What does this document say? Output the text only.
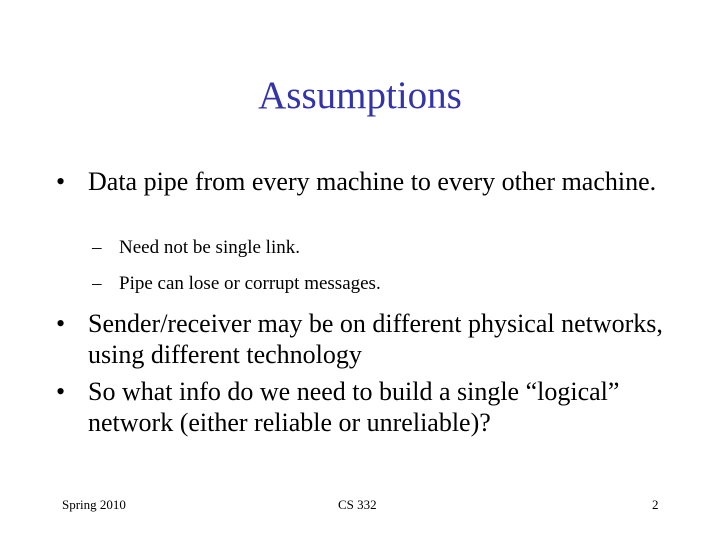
Assumptions
• Data pipe from every machine to every other machine.
– Need not be single link.
– Pipe can lose or corrupt messages.
• Sender/receiver may be on different physical networks, using different technology
• So what info do we need to build a single “logical” network (either reliable or unreliable)?
Spring 2010	CS 332	2
